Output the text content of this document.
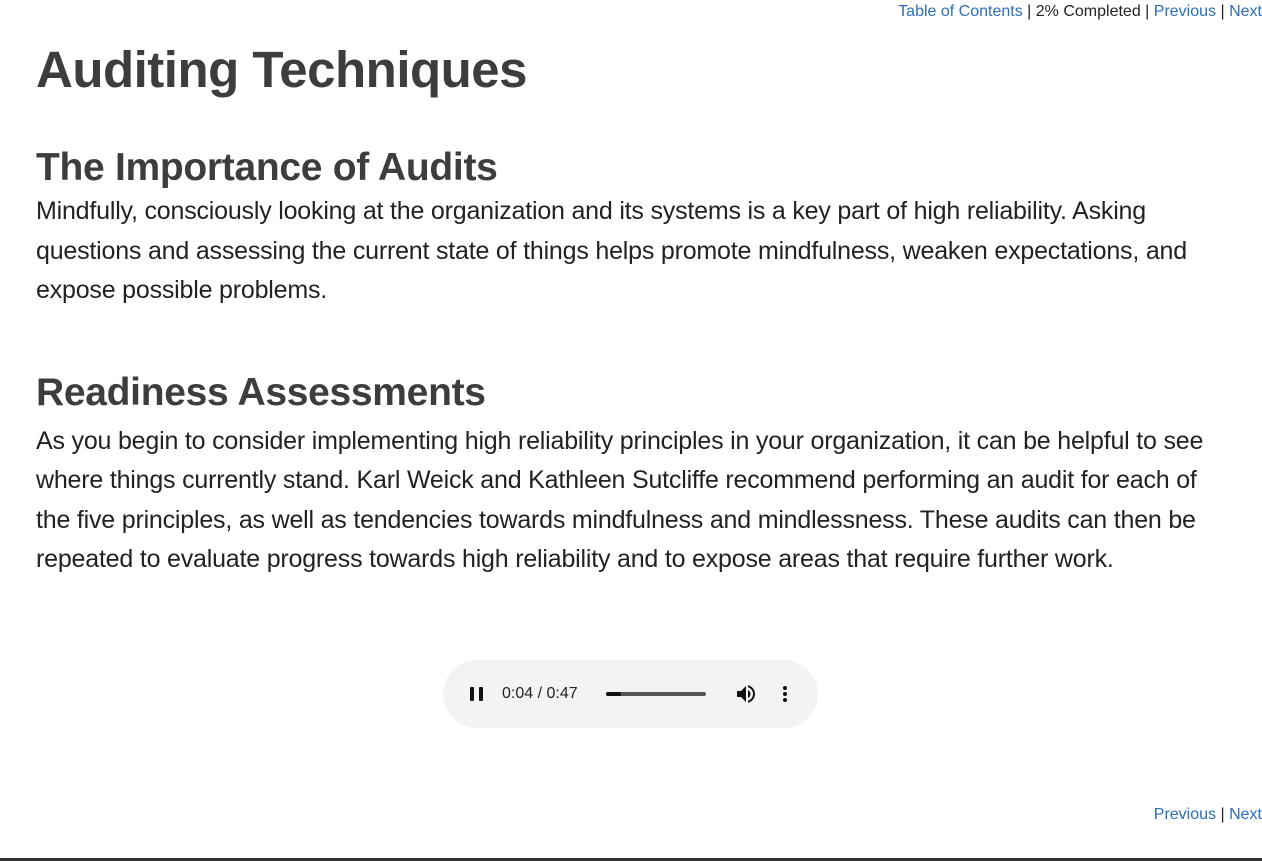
Table of Contents | 2% Completed | Previous | Next
Auditing Techniques
The Importance of Audits

Mindfully, consciously looking at the organization and its systems is a key part of high reliability. Asking questions and assessing the current state of things helps promote mindfulness, weaken expectations, and expose possible problems.

Readiness Assessments

As you begin to consider implementing high reliability principles in your organization, it can be helpful to see where things currently stand. Karl Weick and Kathleen Sutcliffe recommend performing an audit for each of the five principles, as well as tendencies towards mindfulness and mindlessness. These audits can then be repeated to evaluate progress towards high reliability and to expose areas that require further work.

0:04 / 0:47
Previous | Next
